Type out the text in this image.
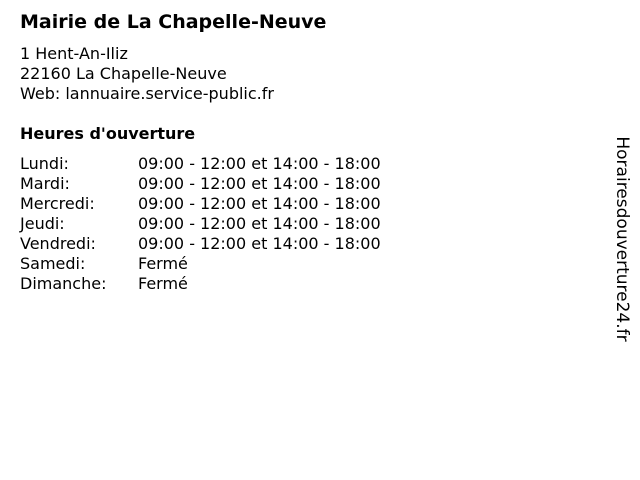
Mairie de La Chapelle-Neuve
1 Hent-An-Iliz
22160 La Chapelle-Neuve
Web: lannuaire.service-public.fr
Heures d'ouverture
Lundi:	09:00 - 12:00 et 14:00 - 18:00
Mardi:	09:00 - 12:00 et 14:00 - 18:00
Mercredi:	09:00 - 12:00 et 14:00 - 18:00
Jeudi:	09:00 - 12:00 et 14:00 - 18:00
Vendredi:	09:00 - 12:00 et 14:00 - 18:00
Samedi:	Fermé
Dimanche: Fermé	Horairesdouverture24.fr
